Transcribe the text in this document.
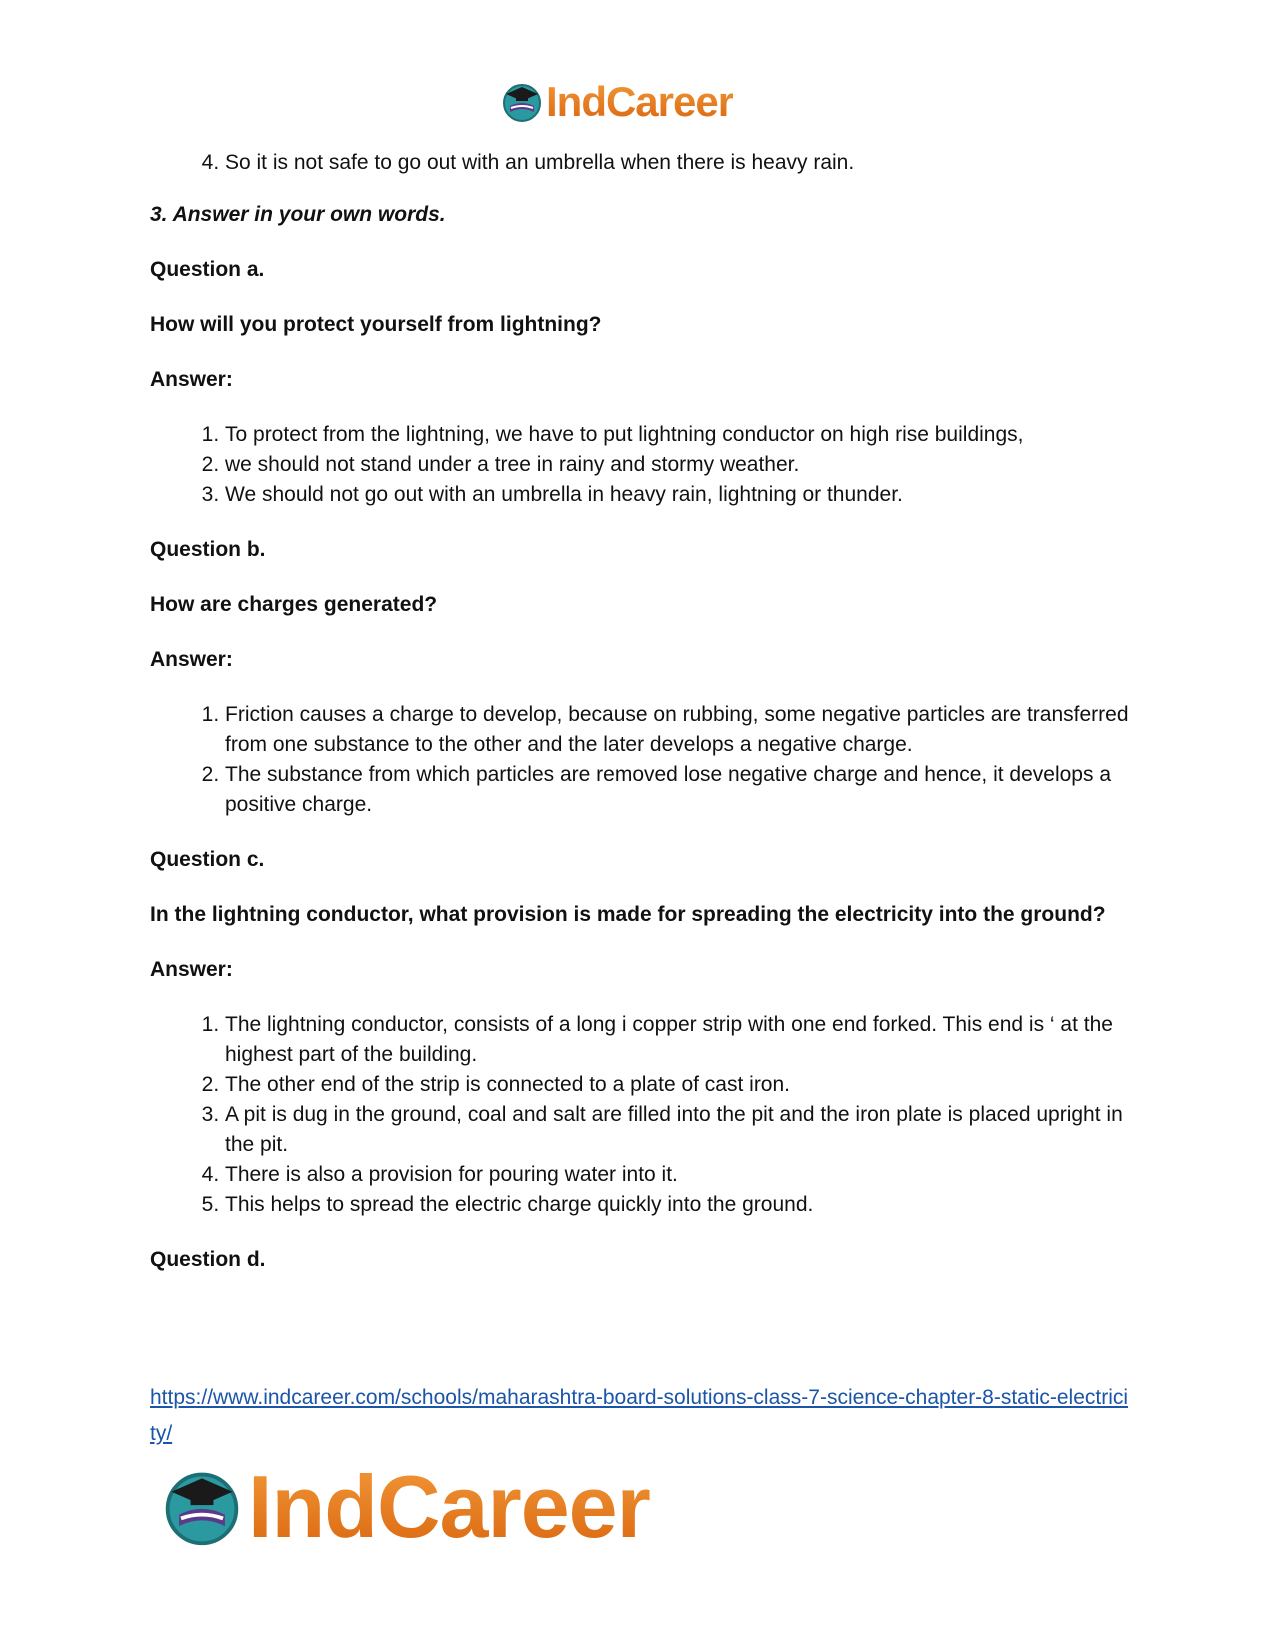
IndCareer
4. So it is not safe to go out with an umbrella when there is heavy rain.

3. Answer in your own words.

Question a.

How will you protect yourself from lightning?

Answer:

1. To protect from the lightning, we have to put lightning conductor on high rise buildings,
2. we should not stand under a tree in rainy and stormy weather.
3. We should not go out with an umbrella in heavy rain, lightning or thunder.

Question b.

How are charges generated?

Answer:

1. Friction causes a charge to develop, because on rubbing, some negative particles are transferred from one substance to the other and the later develops a negative charge.
2. The substance from which particles are removed lose negative charge and hence, it develops a positive charge.

Question c.

In the lightning conductor, what provision is made for spreading the electricity into the ground?

Answer:

1. The lightning conductor, consists of a long i copper strip with one end forked. This end is ‘ at the highest part of the building.
2. The other end of the strip is connected to a plate of cast iron.
3. A pit is dug in the ground, coal and salt are filled into the pit and the iron plate is placed upright in the pit.
4. There is also a provision for pouring water into it.
5. This helps to spread the electric charge quickly into the ground.

Question d.

https://www.indcareer.com/schools/maharashtra-board-solutions-class-7-science-chapter-8-static-electricity/
IndCareer
